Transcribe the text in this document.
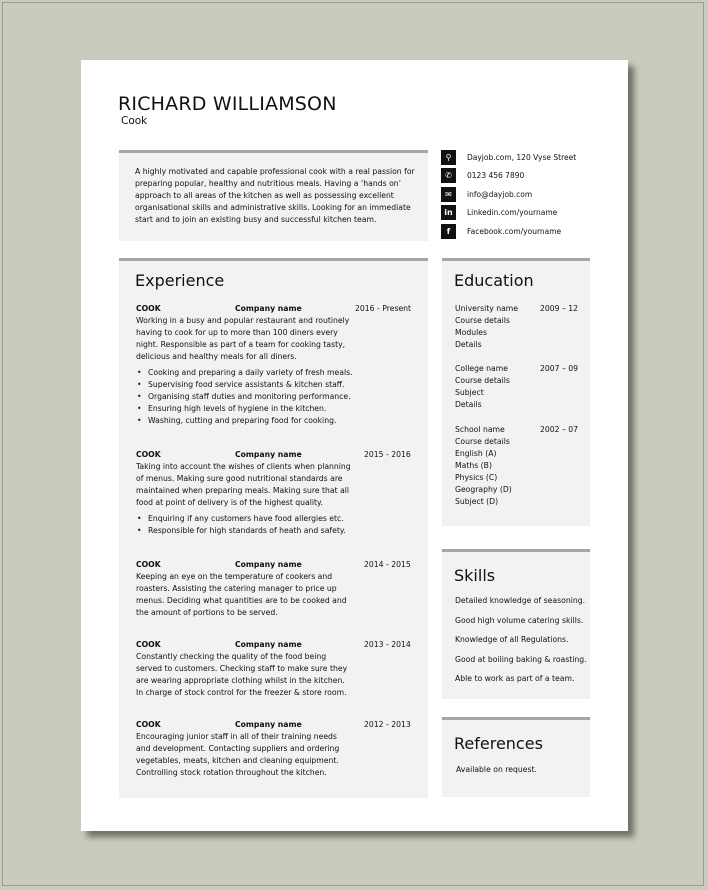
RICHARD WILLIAMSON
Cook
A highly motivated and capable professional cook with a real passion for preparing popular, healthy and nutritious meals. Having a ‘hands on’ approach to all areas of the kitchen as well as possessing excellent organisational skills and administrative skills. Looking for an immediate start and to join an existing busy and successful kitchen team.
⚲	Dayjob.com, 120 Vyse Street
✆	0123 456 7890
✉	info@dayjob.com
in	Linkedin.com/yourname
f	Facebook.com/yourname
Experience
COOK	Company name	2016 - Present
Working in a busy and popular restaurant and routinely having to cook for up to more than 100 diners every night. Responsible as part of a team for cooking tasty, delicious and healthy meals for all diners.
• Cooking and preparing a daily variety of fresh meals.
• Supervising food service assistants & kitchen staff.
• Organising staff duties and monitoring performance.
• Ensuring high levels of hygiene in the kitchen.
• Washing, cutting and preparing food for cooking.
COOK	Company name	2015 - 2016
Taking into account the wishes of clients when planning of menus. Making sure good nutritional standards are maintained when preparing meals. Making sure that all food at point of delivery is of the highest quality.
• Enquiring if any customers have food allergies etc.
• Responsible for high standards of heath and safety.
COOK	Company name	2014 - 2015
Keeping an eye on the temperature of cookers and roasters. Assisting the catering manager to price up menus. Deciding what quantities are to be cooked and the amount of portions to be served.
COOK	Company name	2013 - 2014
Constantly checking the quality of the food being served to customers. Checking staff to make sure they are wearing appropriate clothing whilst in the kitchen. In charge of stock control for the freezer & store room.
COOK	Company name	2012 - 2013
Encouraging junior staff in all of their training needs and development. Contacting suppliers and ordering vegetables, meats, kitchen and cleaning equipment. Controlling stock rotation throughout the kitchen.
Education
University name	2009 – 12
Course details
Modules
Details
College name	2007 – 09
Course details
Subject
Details
School name	2002 – 07
Course details
English (A)
Maths (B)
Physics (C)
Geography (D)
Subject (D)
Skills
Detailed knowledge of seasoning.
Good high volume catering skills.
Knowledge of all Regulations.
Good at boiling baking & roasting.
Able to work as part of a team.
References
Available on request.
